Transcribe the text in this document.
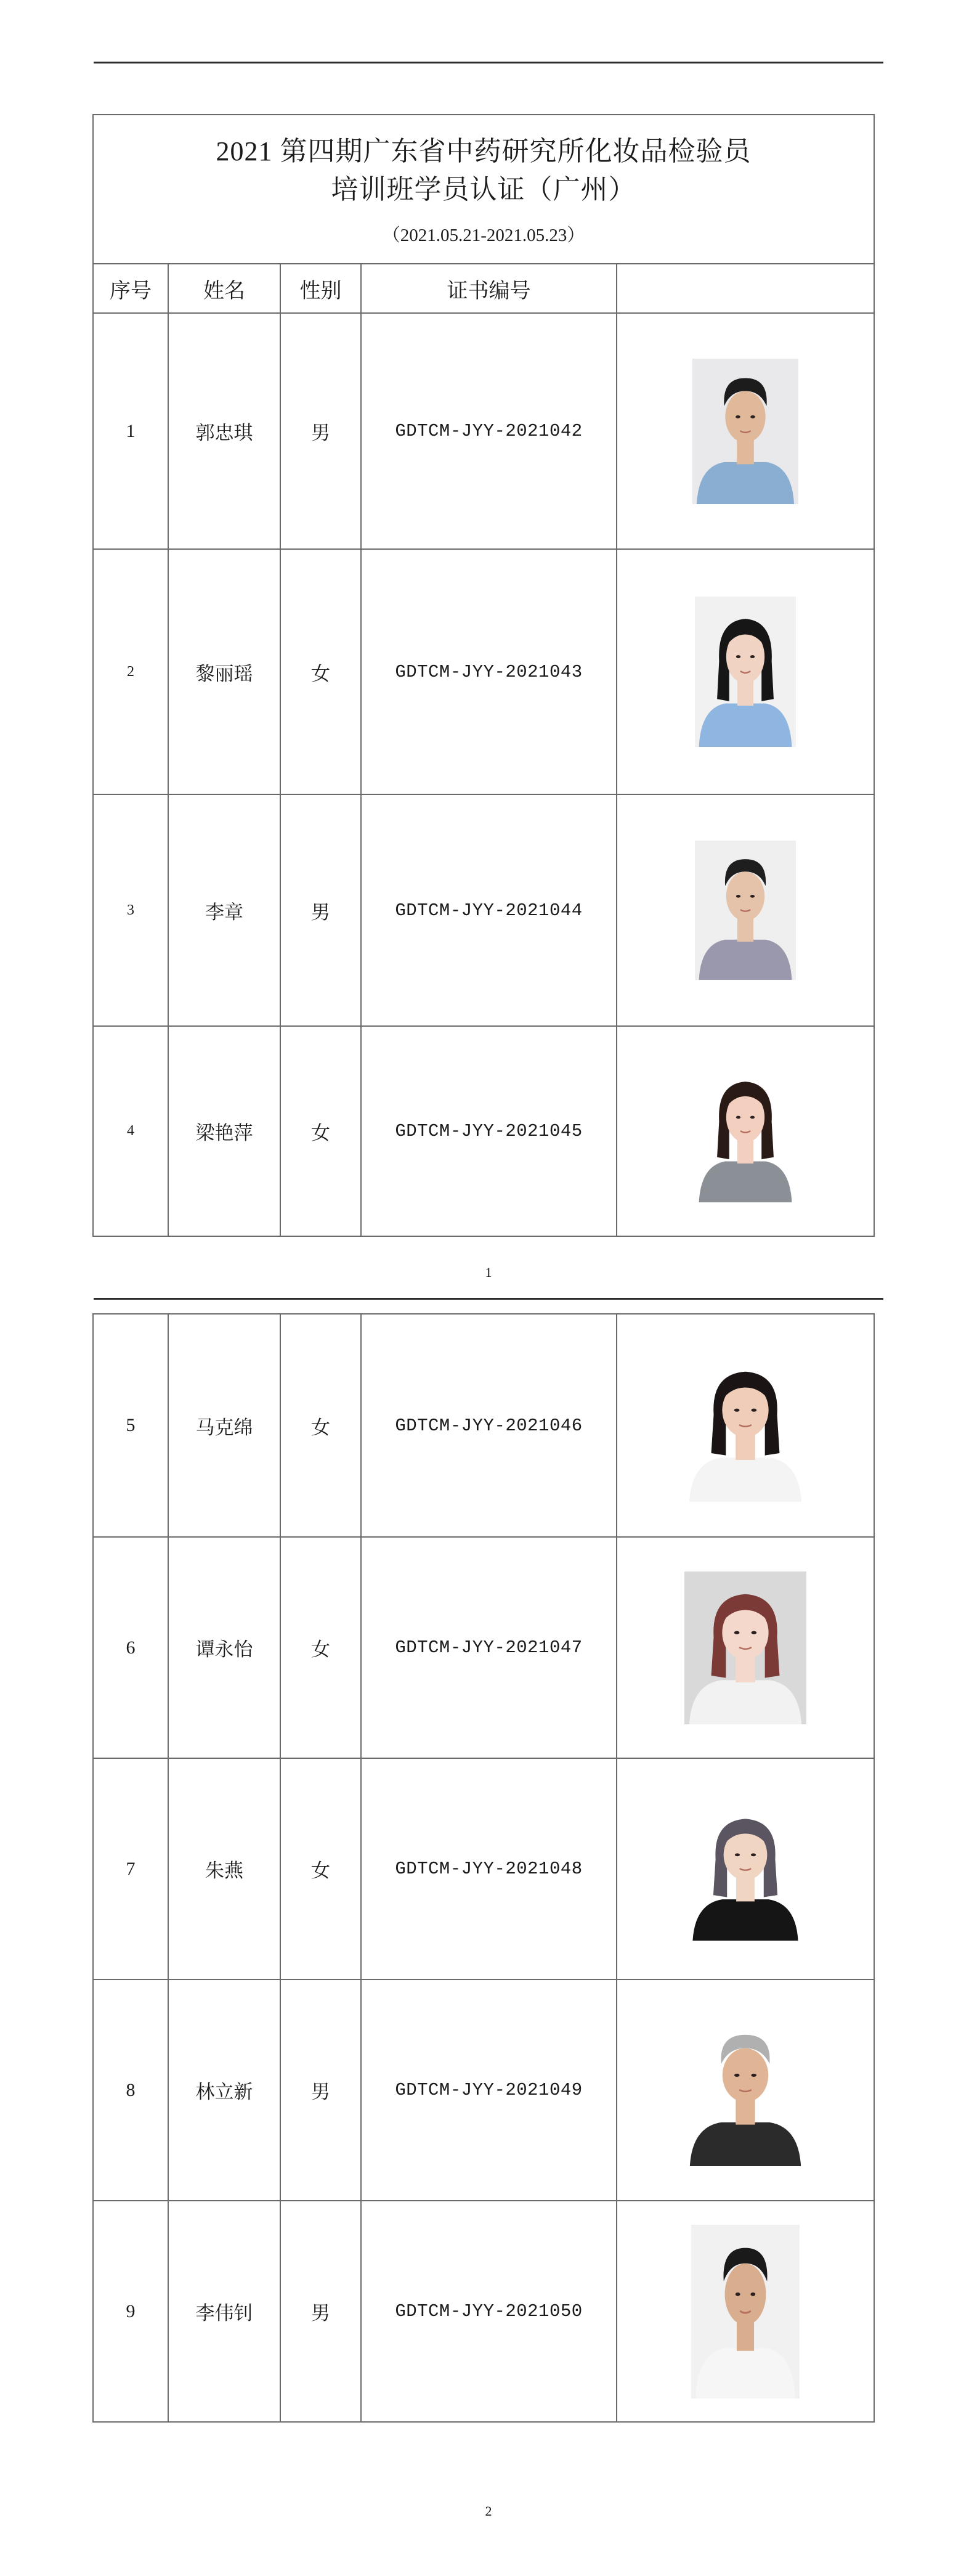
2021 第四期广东省中药研究所化妆品检验员
培训班学员认证（广州）
（2021.05.21-2021.05.23）				

序号	姓名	性别	证书编号	
1	郭忠琪	男	GDTCM-JYY-2021042	

2	黎丽瑶	女	GDTCM-JYY-2021043	

3	李章	男	GDTCM-JYY-2021044	

4	梁艳萍	女	GDTCM-JYY-2021045	
1
5	马克绵	女	GDTCM-JYY-2021046	

6	谭永怡	女	GDTCM-JYY-2021047	

7	朱燕	女	GDTCM-JYY-2021048	

8	林立新	男	GDTCM-JYY-2021049	

9	李伟钊	男	GDTCM-JYY-2021050	
2
